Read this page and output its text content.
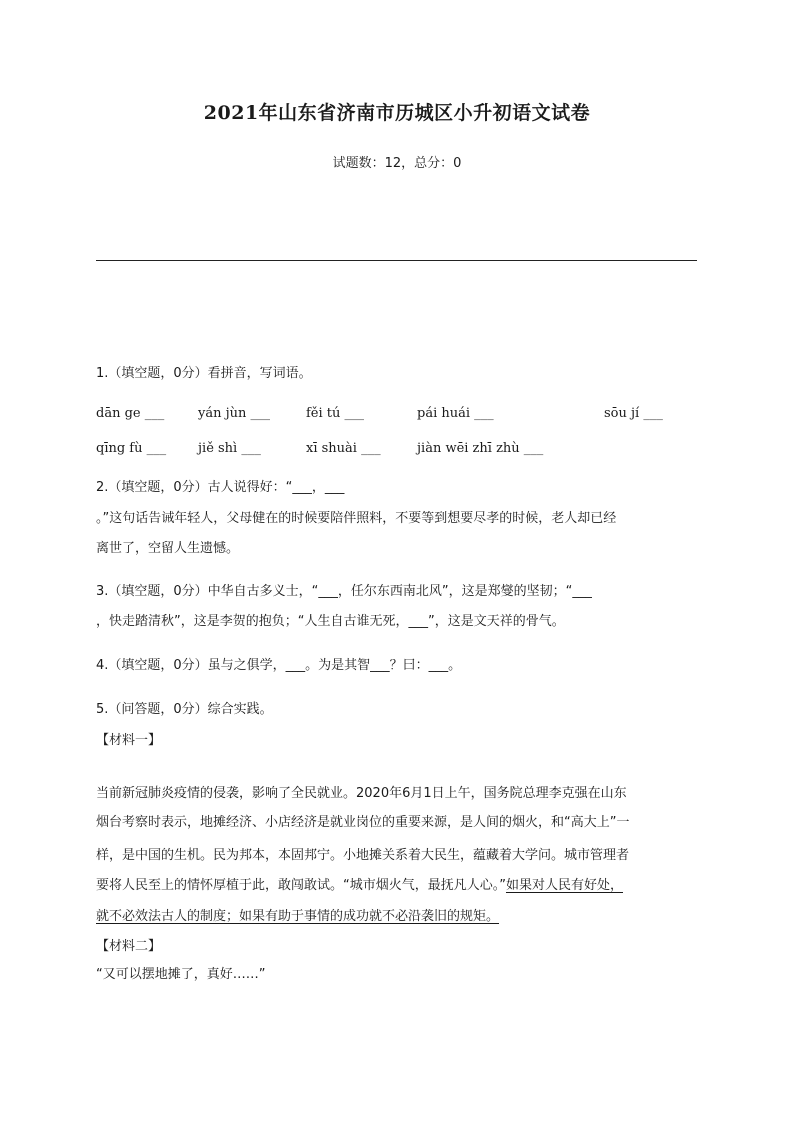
2021年山东省济南市历城区小升初语文试卷
试题数：12，总分：0
1.（填空题，0分）看拼音，写词语。
dān ge ___	yán jùn ___	fěi tú ___	pái huái ___	sōu jí ___
qīng fù ___ jiě shì ___	xī shuài ___	jiàn wēi zhī zhù ___
2.（填空题，0分）古人说得好：“___，___
。”这句话告诫年轻人，父母健在的时候要陪伴照料，不要等到想要尽孝的时候，老人却已经
离世了，空留人生遗憾。
3.（填空题，0分）中华自古多义士，“___，任尔东西南北风”，这是郑燮的坚韧；“___
，快走踏清秋”，这是李贺的抱负；“人生自古谁无死，___”，这是文天祥的骨气。
4.（填空题，0分）虽与之俱学，___。为是其智___？曰：___。
5.（问答题，0分）综合实践。
【材料一】
当前新冠肺炎疫情的侵袭，影响了全民就业。2020年6月1日上午，国务院总理李克强在山东
烟台考察时表示，地摊经济、小店经济是就业岗位的重要来源，是人间的烟火，和“高大上”一
样，是中国的生机。民为邦本，本固邦宁。小地摊关系着大民生，蕴藏着大学问。城市管理者
要将人民至上的情怀厚植于此，敢闯敢试。“城市烟火气，最抚凡人心。”如果对人民有好处，
就不必效法古人的制度；如果有助于事情的成功就不必沿袭旧的规矩。
【材料二】
“又可以摆地摊了，真好……”
